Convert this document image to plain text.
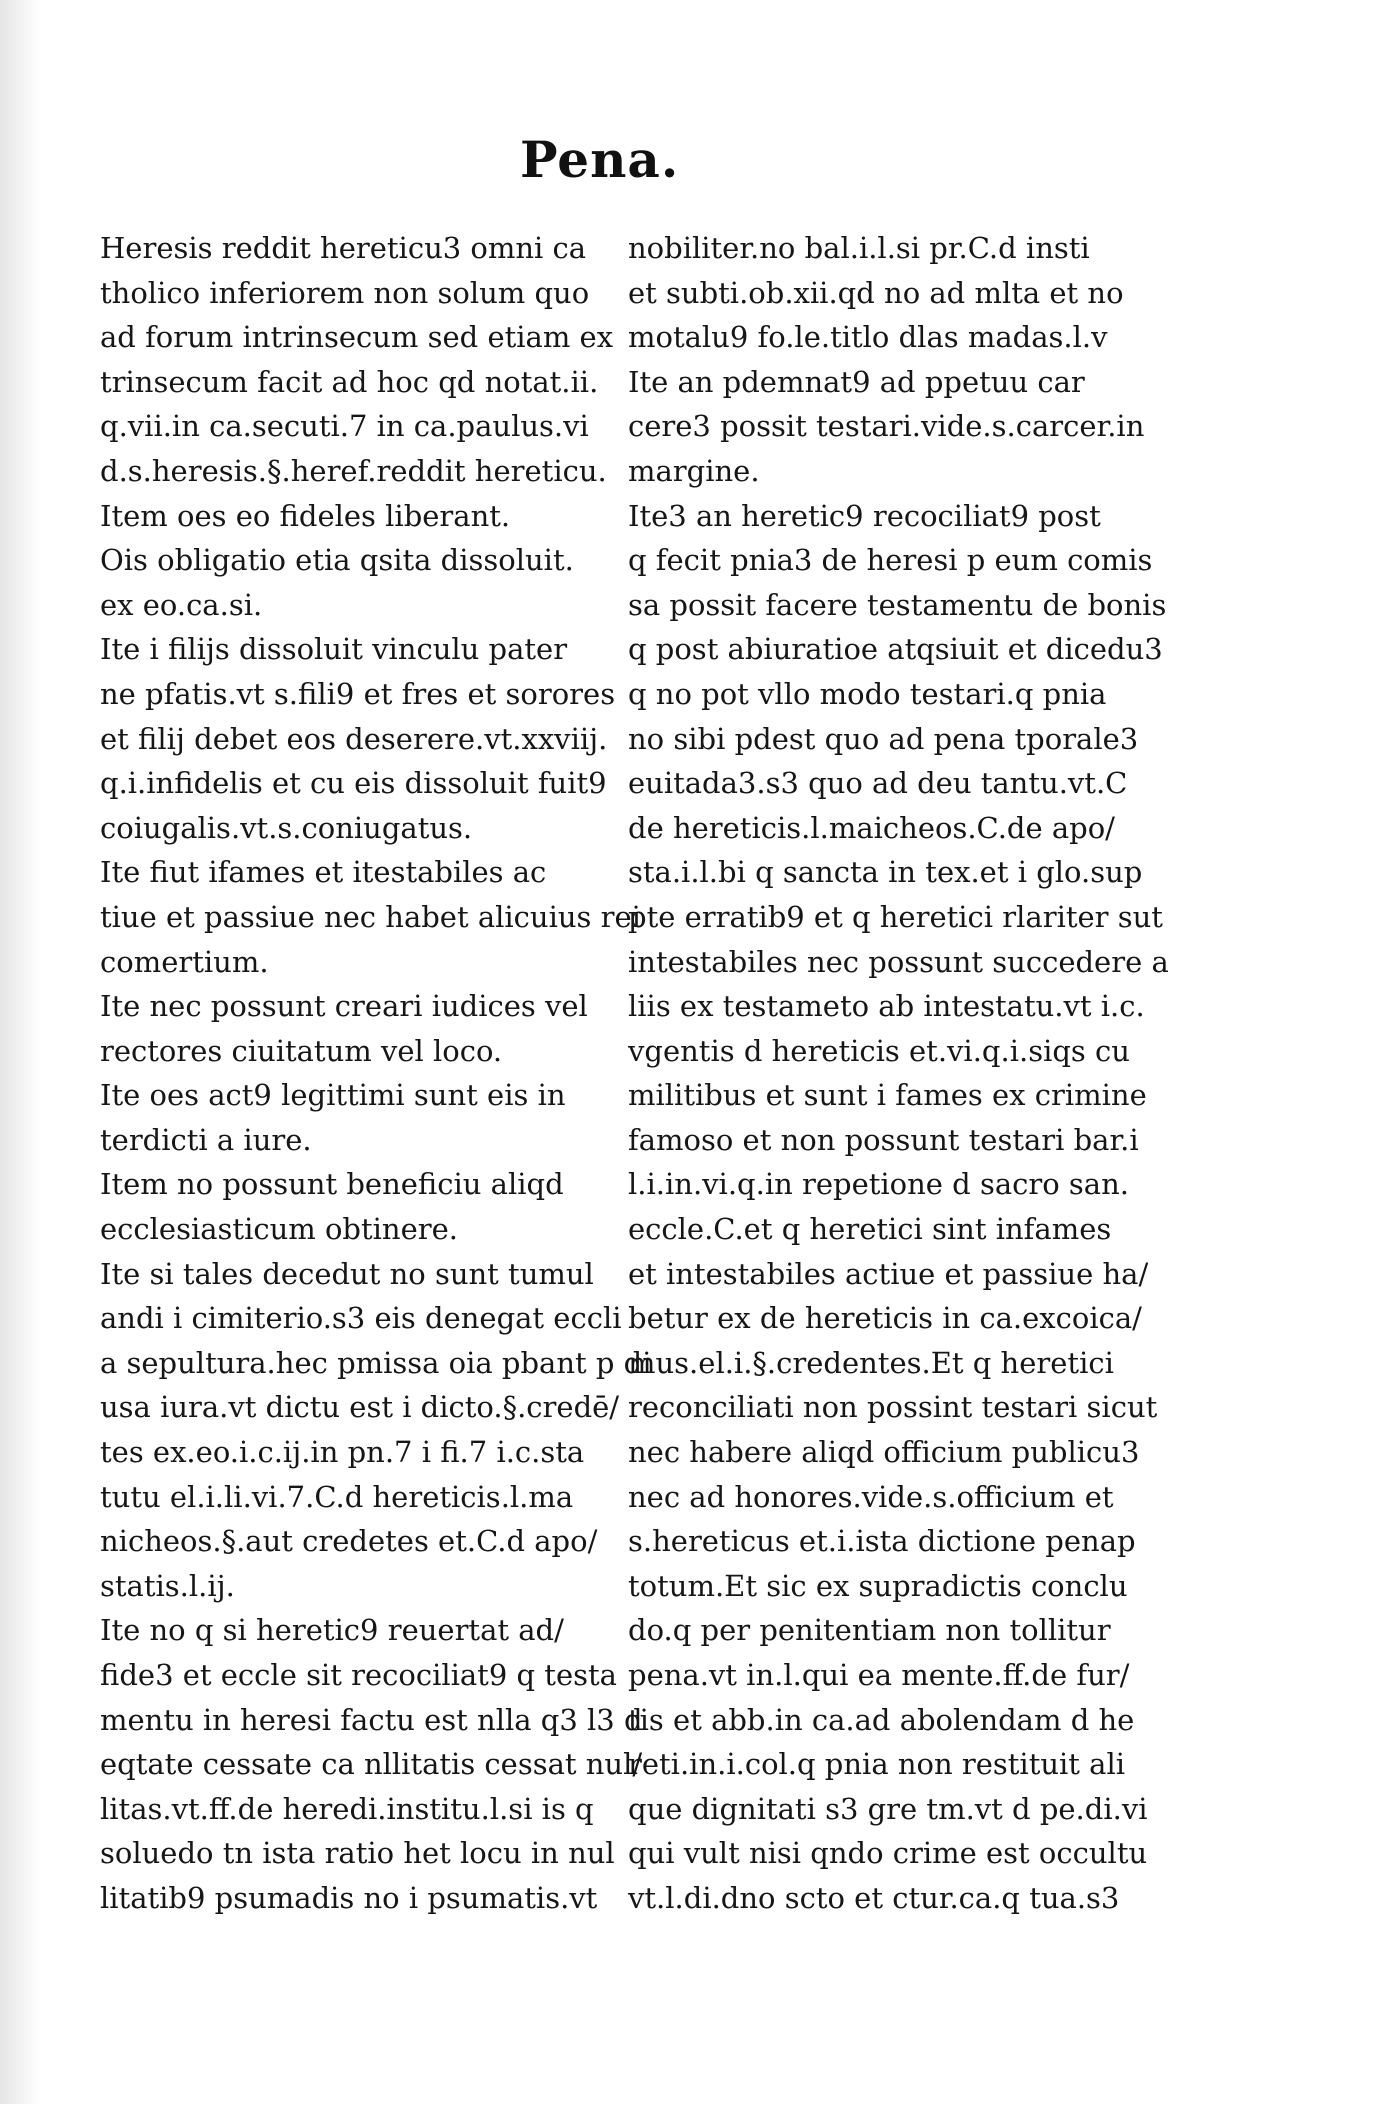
Pena.
Heresis reddit hereticu3 omni ca
tholico inferiorem non solum quo
ad forum intrinsecum sed etiam ex
trinsecum facit ad hoc qd notat.ii.
q.vii.in ca.secuti.7 in ca.paulus.vi
d.s.heresis.§.heref.reddit hereticu.
Item oes eo fideles liberant.
Ois obligatio etia qsita dissoluit.
ex eo.ca.si.
Ite i filijs dissoluit vinculu pater
ne pfatis.vt s.fili9 et fres et sorores
et filij debet eos deserere.vt.xxviij.
q.i.infidelis et cu eis dissoluit fuit9
coiugalis.vt.s.coniugatus.
Ite fiut ifames et itestabiles ac
tiue et passiue nec habet alicuius rei
comertium.
Ite nec possunt creari iudices vel
rectores ciuitatum vel loco.
Ite oes act9 legittimi sunt eis in
terdicti a iure.
Item no possunt beneficiu aliqd
ecclesiasticum obtinere.
Ite si tales decedut no sunt tumul
andi i cimiterio.s3 eis denegat eccli
a sepultura.hec pmissa oia pbant p di
usa iura.vt dictu est i dicto.§.credē/
tes ex.eo.i.c.ij.in pn.7 i fi.7 i.c.sta
tutu el.i.li.vi.7.C.d hereticis.l.ma
nicheos.§.aut credetes et.C.d apo/
statis.l.ij.
Ite no q si heretic9 reuertat ad/
fide3 et eccle sit recociliat9 q testa
mentu in heresi factu est nlla q3 l3 d
eqtate cessate ca nllitatis cessat nul/
litas.vt.ff.de heredi.institu.l.si is q
soluedo tn ista ratio het locu in nul
litatib9 psumadis no i psumatis.vt
nobiliter.no bal.i.l.si pr.C.d insti
et subti.ob.xii.qd no ad mlta et no
motalu9 fo.le.titlo dlas madas.l.v
Ite an pdemnat9 ad ppetuu car
cere3 possit testari.vide.s.carcer.in
margine.
Ite3 an heretic9 recociliat9 post
q fecit pnia3 de heresi p eum comis
sa possit facere testamentu de bonis
q post abiuratioe atqsiuit et dicedu3
q no pot vllo modo testari.q pnia
no sibi pdest quo ad pena tporale3
euitada3.s3 quo ad deu tantu.vt.C
de hereticis.l.maicheos.C.de apo/
sta.i.l.bi q sancta in tex.et i glo.sup
pte erratib9 et q heretici rlariter sut
intestabiles nec possunt succedere a
liis ex testameto ab intestatu.vt i.c.
vgentis d hereticis et.vi.q.i.siqs cu
militibus et sunt i fames ex crimine
famoso et non possunt testari bar.i
l.i.in.vi.q.in repetione d sacro san.
eccle.C.et q heretici sint infames
et intestabiles actiue et passiue ha/
betur ex de hereticis in ca.excoica/
mus.el.i.§.credentes.Et q heretici
reconciliati non possint testari sicut
nec habere aliqd officium publicu3
nec ad honores.vide.s.officium et
s.hereticus et.i.ista dictione penap
totum.Et sic ex supradictis conclu
do.q per penitentiam non tollitur
pena.vt in.l.qui ea mente.ff.de fur/
tis et abb.in ca.ad abolendam d he
reti.in.i.col.q pnia non restituit ali
que dignitati s3 gre tm.vt d pe.di.vi
qui vult nisi qndo crime est occultu
vt.l.di.dno scto et ctur.ca.q tua.s3
